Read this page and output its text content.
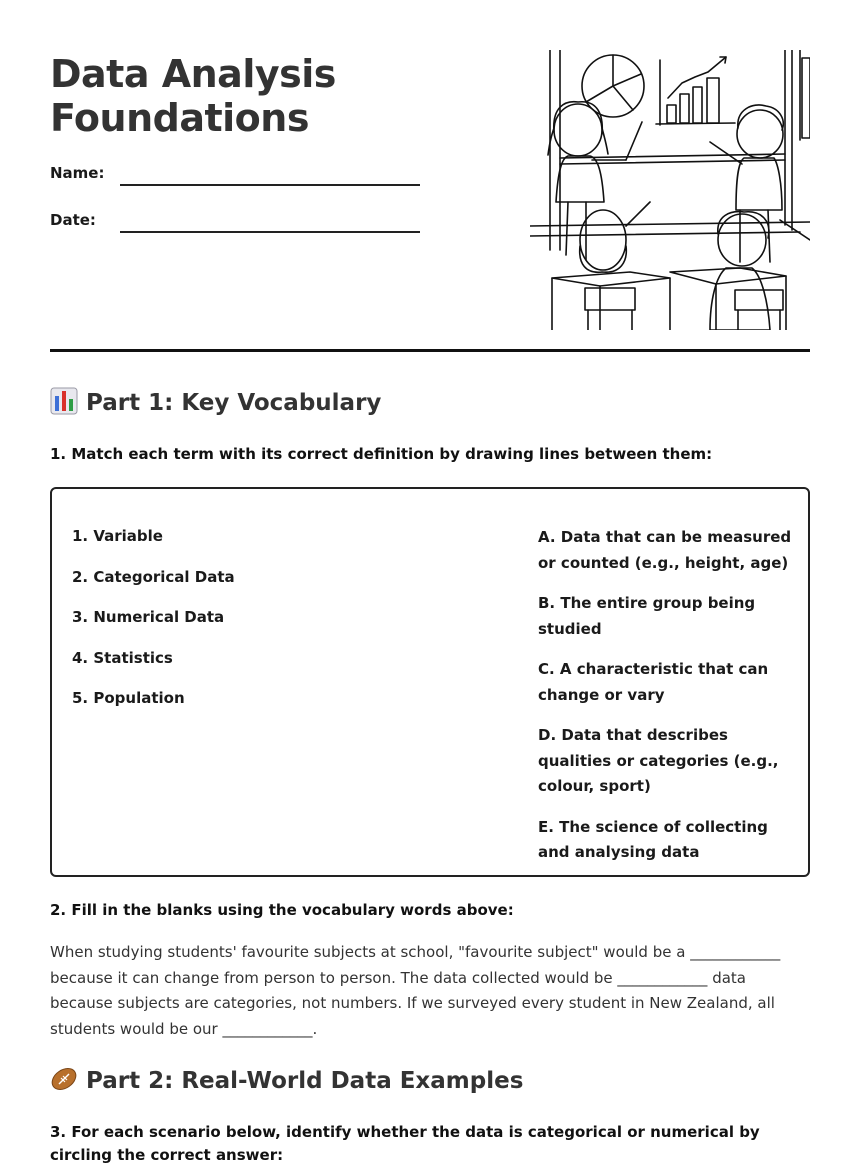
Data Analysis
Foundations
Name:
Date:
Part 1: Key Vocabulary

1. Match each term with its correct definition by drawing lines between them:

1. Variable
2. Categorical Data
3. Numerical Data
4. Statistics
5. Population
A. Data that can be measured or counted (e.g., height, age)
B. The entire group being studied
C. A characteristic that can change or vary
D. Data that describes qualities or categories (e.g., colour, sport)
E. The science of collecting and analysing data

2. Fill in the blanks using the vocabulary words above:

When studying students' favourite subjects at school, "favourite subject" would be a ____________ because it can change from person to person. The data collected would be ____________ data because subjects are categories, not numbers. If we surveyed every student in New Zealand, all students would be our ____________.

Part 2: Real-World Data Examples

3. For each scenario below, identify whether the data is categorical or numerical by circling the correct answer:
